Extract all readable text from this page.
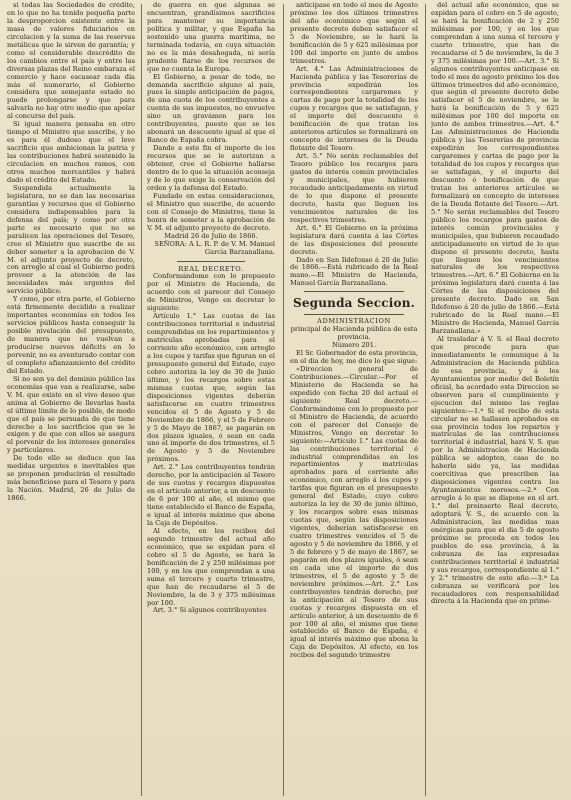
si todas las Sociedades de crédito, en lo que no ha tenido pequeña parte la desproporcion existente entre la masa de valores fiduciarios en circulacion y la suma de las reservas metálicas que le sirven de garantía; y como el considerable descrédito de los cambios entre el país y entre las diversas plazas del Reino embaraza el comercio y hace escasear cada día más el numerario, el Gobierno considera que semejante estado no puede prolongarse y que para salvarla no hay otro medio que apelar al concurso del país.

Si igual manera pensaba en otro tiempo el Ministro que suscribe, y no es para él dudoso que el leve sacrificio que ambicionan la patria y las contribuciones habrá sostenido la circulacion en muchos ramos, con otros muchos mercantiles y habrá dado el crédito del Estado.

Suspendida actualmente la legislatura, no se dan las necesarias garantías y recursos que el Gobierno considera indispensables para la defensa del país; y como por otra parte es necesario que no se paralicen las operaciones del Tesoro, cree el Ministro que suscribe de su deber someter a la aprobacion de V. M. el adjunto proyecto de decreto, con arreglo al cual el Gobierno podrá proveer a la atención de las necesidades más urgentes del servicio público.

Y como, por otra parte, el Gobierno está firmemente decidido a realizar importantes economías en todos los servicios públicos hasta conseguir la posible nivelación del presupuesto, de manera que no vuelvan a producirse nuevos déficits en lo porvenir, no es aventurado contar con el completo afianzamiento del crédito del Estado.

Si no son ya del dominio público las economías que van a realizarse, sabe V. M. que existe en el vivo deseo que anima al Gobierno de llevarlas hasta el último límite de lo posible, de modo que el país se persuada de que tiene derecho a los sacrificios que se le exigen y de que con ellos se asegura el porvenir de los intereses generales y particulares.

De todo ello se deduce que las medidas urgentes e inevitables que se proponen producirán el resultado más beneficioso para el Tesoro y para la Nación. Madrid, 26 de Julio de 1866.

de guerra en que algunas se encuentran, grandísimos sacrificios para mantener su importancia política y militar, y que España ha sostenido una guerra marítima, no terminada todavía, en cuya situación no es la más desahogada, ni sería prudente fiarse de los recursos de que no cuenta la Europa.

El Gobierno, a pesar de todo, no demanda sacrificio alguno al país, pues la simple anticipación de pagos, de una cuota de los contribuyentes a cuenta de sus impuestos, no envuelve sino un gravámen para los contribuyentes, puesto que se les abonará un descuento igual al que el Banco de España cobra.

Dando a este fin el importe de los recursos que se le autorizan a obtener, cree el Gobierno hallarse dentro de lo que la situación aconseja y de lo que exige la conservación del orden y la defensa del Estado.

Fundado en estas consideraciones, el Ministro que suscribe, de acuerdo con el Consejo de Ministros, tiene la honra de someter a la aprobación de V. M. el adjunto proyecto de decreto.

Madrid 26 de Julio de 1866.

SEÑORA: A L. R. P. de V. M. Manuel García Barzanallana.

REAL DECRETO.

Conformándome con lo propuesto por el Ministro de Hacienda, de acuerdo con el parecer del Consejo de Ministros, Vengo en decretar lo siguiente:

Artículo 1.° Las cuotas de las contribuciones territorial e industrial comprendidas en los repartimientos y matrículas aprobadas para el corriente año económico, con arreglo a los cupos y tarifas que figuran en el presupuesto general del Estado, cuyo cobro autoriza la ley de 30 de Junio último, y los recargos sobre estas mismas cuotas que, según las disposiciones vigentes deberán satisfacerse en cuatro trimestres vencidos el 5 de Agosto y 5 de Noviembre de 1866, y el 5 de Febrero y 5 de Mayo de 1867, se pagarán en dos plazos iguales, ó sean en cada uno el importe de dos trimestres, el 5 de Agosto y 5 de Noviembre próximos.

Art. 2.° Los contribuyentes tendrán derecho, por la anticipación al Tesoro de sus cuotas y recargos dispuestos en el artículo anterior, a un descuento de 6 por 100 al año, el mismo que tiene establecido el Banco de España, e igual al interés máximo que abona la Caja de Depósitos.

Al efecto, en los recibos del segundo trimestre del actual año económico, que se expidan para el cobro el 5 de Agosto, se hará la bonificación de 2 y 250 milésimas por 100, y en los que comprendan a una suma el tercero y cuarto trimestre, que han de recaudarse el 5 de Noviembre, la de 3 y 375 milésimas por 100.

Art. 3.° Si algunos contribuyentes

anticipase en todo el mes de Agosto próximo los dos últimos trimestres del año económico que según el presente decreto deben satisfacer el 5 de Noviembre, se le hará la bonificación de 5 y 625 milésimas por 100 del importe en junto de ambos trimestres.

Art. 4.° Las Administraciones de Hacienda pública y las Tesorerías de provincia expedirán los correspondientes cargaremes y cartas de pago por la totalidad de los cupos y recargos que se satisfagan, y el importe del descuento ó bonificación de que tratan los anteriores artículos se formalizará en concepto de intereses de la Deuda flotante del Tesoro.

Art. 5.° No serán reclamables del Tesoro público los recargos para gastos de interés común provinciales y municipales, que hubieren recaudado anticipadamente en virtud de lo que dispone el presente decreto, hasta que lleguen los vencimientos naturales de los respectivos trimestres.

Art. 6.° El Gobierno en la próxima legislatura dará cuenta á las Córtes de las disposiciones del presente decreto.

Dado en San Ildefonso á 20 de Julio de 1866.—Está rubricado de la Real mano.—El Ministro de Hacienda, Manuel García Barzanallana.

Segunda Seccion.

ADMINISTRACION

principal de Hacienda pública de esta provincia.

Número 201.

El Sr. Gobernador de esta provincia, en el dia de hoy, me dice lo que sigue:

«Direccion general de Contribuciones.—Circular.—Por el Ministerio de Hacienda se ha expedido con fecha 20 del actual el siguiente Real decreto.—Conformándome con lo propuesto por el Ministro de Hacienda, de acuerdo con el parecer del Consejo de Ministros, Vengo en decretar lo siguiente:—Artículo 1.° Las cuotas de las contribuciones territorial é industrial comprendidas en los repartimientos y matrículas aprobados para el corriente año económico, con arreglo á los cupos y tarifas que figuran en el presupuesto general del Estado, cuyo cobro autoriza la ley de 30 de junio último, y los recargos sobre esas mismas cuotas que, según las disposiciones vigentes, deberían satisfacerse en cuatro trimestres vencidos el 5 de agosto y 5 de noviembre de 1866, y el 5 de febrero y 5 de mayo de 1867, se pagarán en dos plazos iguales, ó sean en cada uno el importe de dos trimestres, el 5 de agosto y 5 de noviembre próximos.—Art. 2.° Los contribuyentes tendrán derecho, por la anticipación al Tesoro de sus cuotas y recargos dispuesta en el artículo anterior, á un descuento de 6 por 100 al año, el mismo que tiene establecido el Banco de España, é igual al interés máximo que abona la Caja de Depósitos. Al efecto, en los recibos del segundo trimestre

del actual año económico, que se expidan para el cobro en 5 de agosto, se hará la bonificación de 2 y 250 milésimas por 100, y en los que comprendan á una suma el tercero y cuarto trimestre, que han de recaudarse el 5 de noviembre, la de 3 y 375 milésimas por 100.—Art. 3.° Si algunos contribuyentes anticipase en todo el mes de agosto próximo los dos últimos trimestres del año económico, que según el presente decreto debe satisfacer el 5 de noviembre, se le hará la bonificación de 5 y 625 milésimas por 100 del importe en junto de ambos trimestres.—Art. 4.° Las Administraciones de Hacienda pública y las Tesorerías de provincia expedirán los correspondientes cargaremes y cartas de pago por la totalidad de los cupos y recargos que se satisfagan, y el importe del descuento ó bonificación de que tratan los anteriores artículos se formalizará en concepto de intereses de la Deuda flotante del Tesoro.—Art. 5.° No serán reclamables del Tesoro público los recargos para gastos de interés común provinciales y municipales, que hubieren recaudado anticipadamente en virtud de lo que dispone el presente decreto, hasta que lleguen los vencimientos naturales de los respectivos trimestres.—Art. 6.° El Gobierno en la próxima legislatura dará cuenta á las Córtes de las disposiciones del presente decreto. Dado en San Ildefonso á 20 de julio de 1866.—Está rubricado de la Real mano.—El Ministro de Hacienda, Manuel García Barzanallana.»

Al trasladar á V. S. el Real decreto que precede para que inmediatamente le comunique á la Administracion de Hacienda pública de esa provincia, y á los Ayuntamientos por medio del Boletín oficial, ha acordado esta Direccion se observen para el cumplimiento y ejecucion del mismo las reglas siguientes:—1.ª Si el recibo de esta circular no se hallasen aprobados en esa provincia todos los repartos y matrículas de las contribuciones territorial é industrial, hará V. S. que por la Administracion de Hacienda pública se adopten, caso de no haberlo sido ya, las medidas coercitivas que prescriben las disposiciones vigentes contra los Ayuntamientos morosos.—2.ª Con arreglo á lo que se dispone en el art. 1.° del preinserto Real decreto, adoptará V. S., de acuerdo con la Administracion, las medidas mas enérgicas para que el dia 5 de agosto próximo se proceda en todos los pueblos de esa provincia, á la cobranza de las expresadas contribuciones territorial é industrial y sus recargos, correspondiente al 1.° y 2.° trimestre de este año.—3.ª La cobranza se verificará por los recaudadores con responsabilidad directa á la Hacienda que en prime-
